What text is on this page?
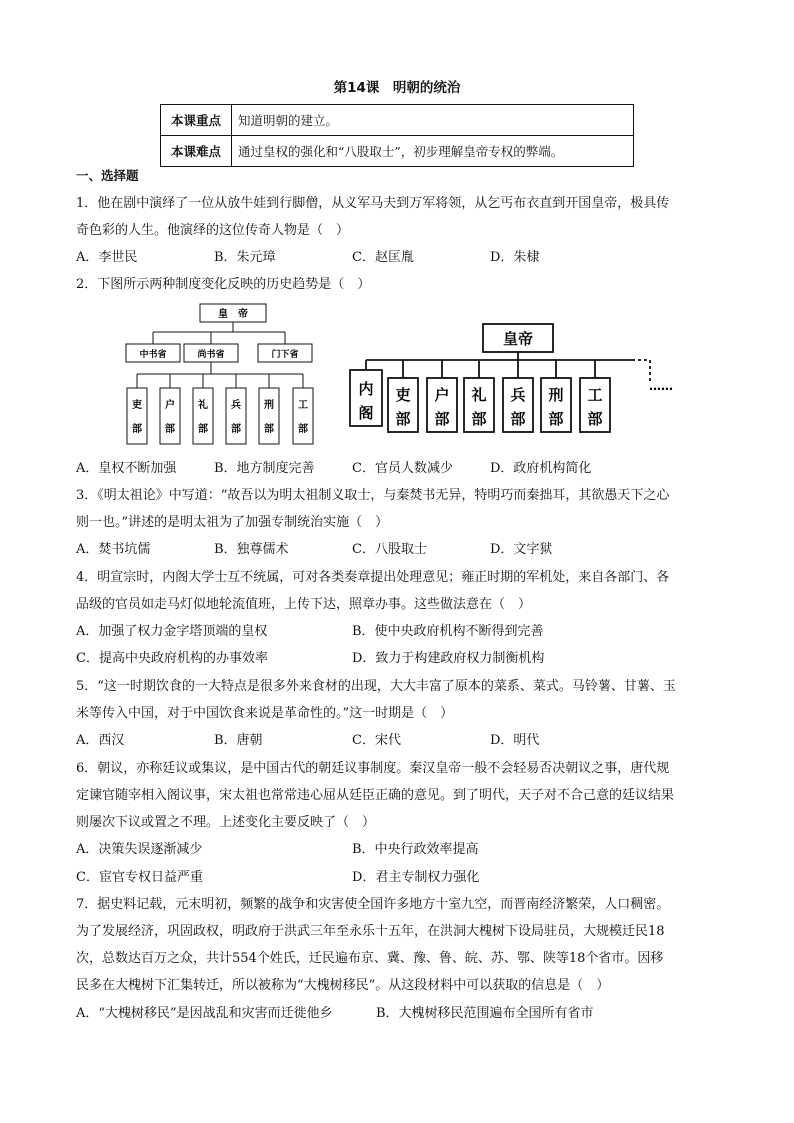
第14课　明朝的统治
本课重点	知道明朝的建立。
本课难点	通过皇权的强化和“八股取士”，初步理解皇帝专权的弊端。
一、选择题
1．他在剧中演绎了一位从放牛娃到行脚僧，从义军马夫到万军将领，从乞丐布衣直到开国皇帝，极具传
奇色彩的人生。他演绎的这位传奇人物是（　）
A．李世民	B．朱元璋	C．赵匡胤	D．朱棣
2．下图所示两种制度变化反映的历史趋势是（　）
皇　帝
中书省	尚书省	门下省
吏
部
户
部
礼
部
兵
部
刑
部
工
部
皇帝
内
阁
吏
部
户
部
礼
部
兵
部
刑
部
工
部
……
A．皇权不断加强	B．地方制度完善	C．官员人数减少	D．政府机构简化
3．《明太祖论》中写道：“故吾以为明太祖制义取士，与秦焚书无异，特明巧而秦拙耳，其欲愚天下之心
则一也。”讲述的是明太祖为了加强专制统治实施（　）
A．焚书坑儒	B．独尊儒术	C．八股取士	D．文字狱
4．明宣宗时，内阁大学士互不统属，可对各类奏章提出处理意见；雍正时期的军机处，来自各部门、各
品级的官员如走马灯似地轮流值班，上传下达，照章办事。这些做法意在（　）
A．加强了权力金字塔顶端的皇权	B．使中央政府机构不断得到完善
C．提高中央政府机构的办事效率	D．致力于构建政府权力制衡机构
5．“这一时期饮食的一大特点是很多外来食材的出现，大大丰富了原本的菜系、菜式。马铃薯、甘薯、玉
米等传入中国，对于中国饮食来说是革命性的。”这一时期是（　）
A．西汉	B．唐朝	C．宋代	D．明代
6．朝议，亦称廷议或集议，是中国古代的朝廷议事制度。秦汉皇帝一般不会轻易否决朝议之事，唐代规
定谏官随宰相入阁议事，宋太祖也常常违心屈从廷臣正确的意见。到了明代，天子对不合己意的廷议结果
则屡次下议或置之不理。上述变化主要反映了（　）
A．决策失误逐渐减少	B．中央行政效率提高
C．宦官专权日益严重	D．君主专制权力强化
7．据史料记载，元末明初，频繁的战争和灾害使全国许多地方十室九空，而晋南经济繁荣，人口稠密。
为了发展经济，巩固政权，明政府于洪武三年至永乐十五年，在洪洞大槐树下设局驻员，大规模迁民18
次，总数达百万之众，共计554个姓氏，迁民遍布京、冀、豫、鲁、皖、苏、鄂、陕等18个省市。因移
民多在大槐树下汇集转迁，所以被称为“大槐树移民”。从这段材料中可以获取的信息是（　）
A．“大槐树移民”是因战乱和灾害而迁徙他乡	B．大槐树移民范围遍布全国所有省市
